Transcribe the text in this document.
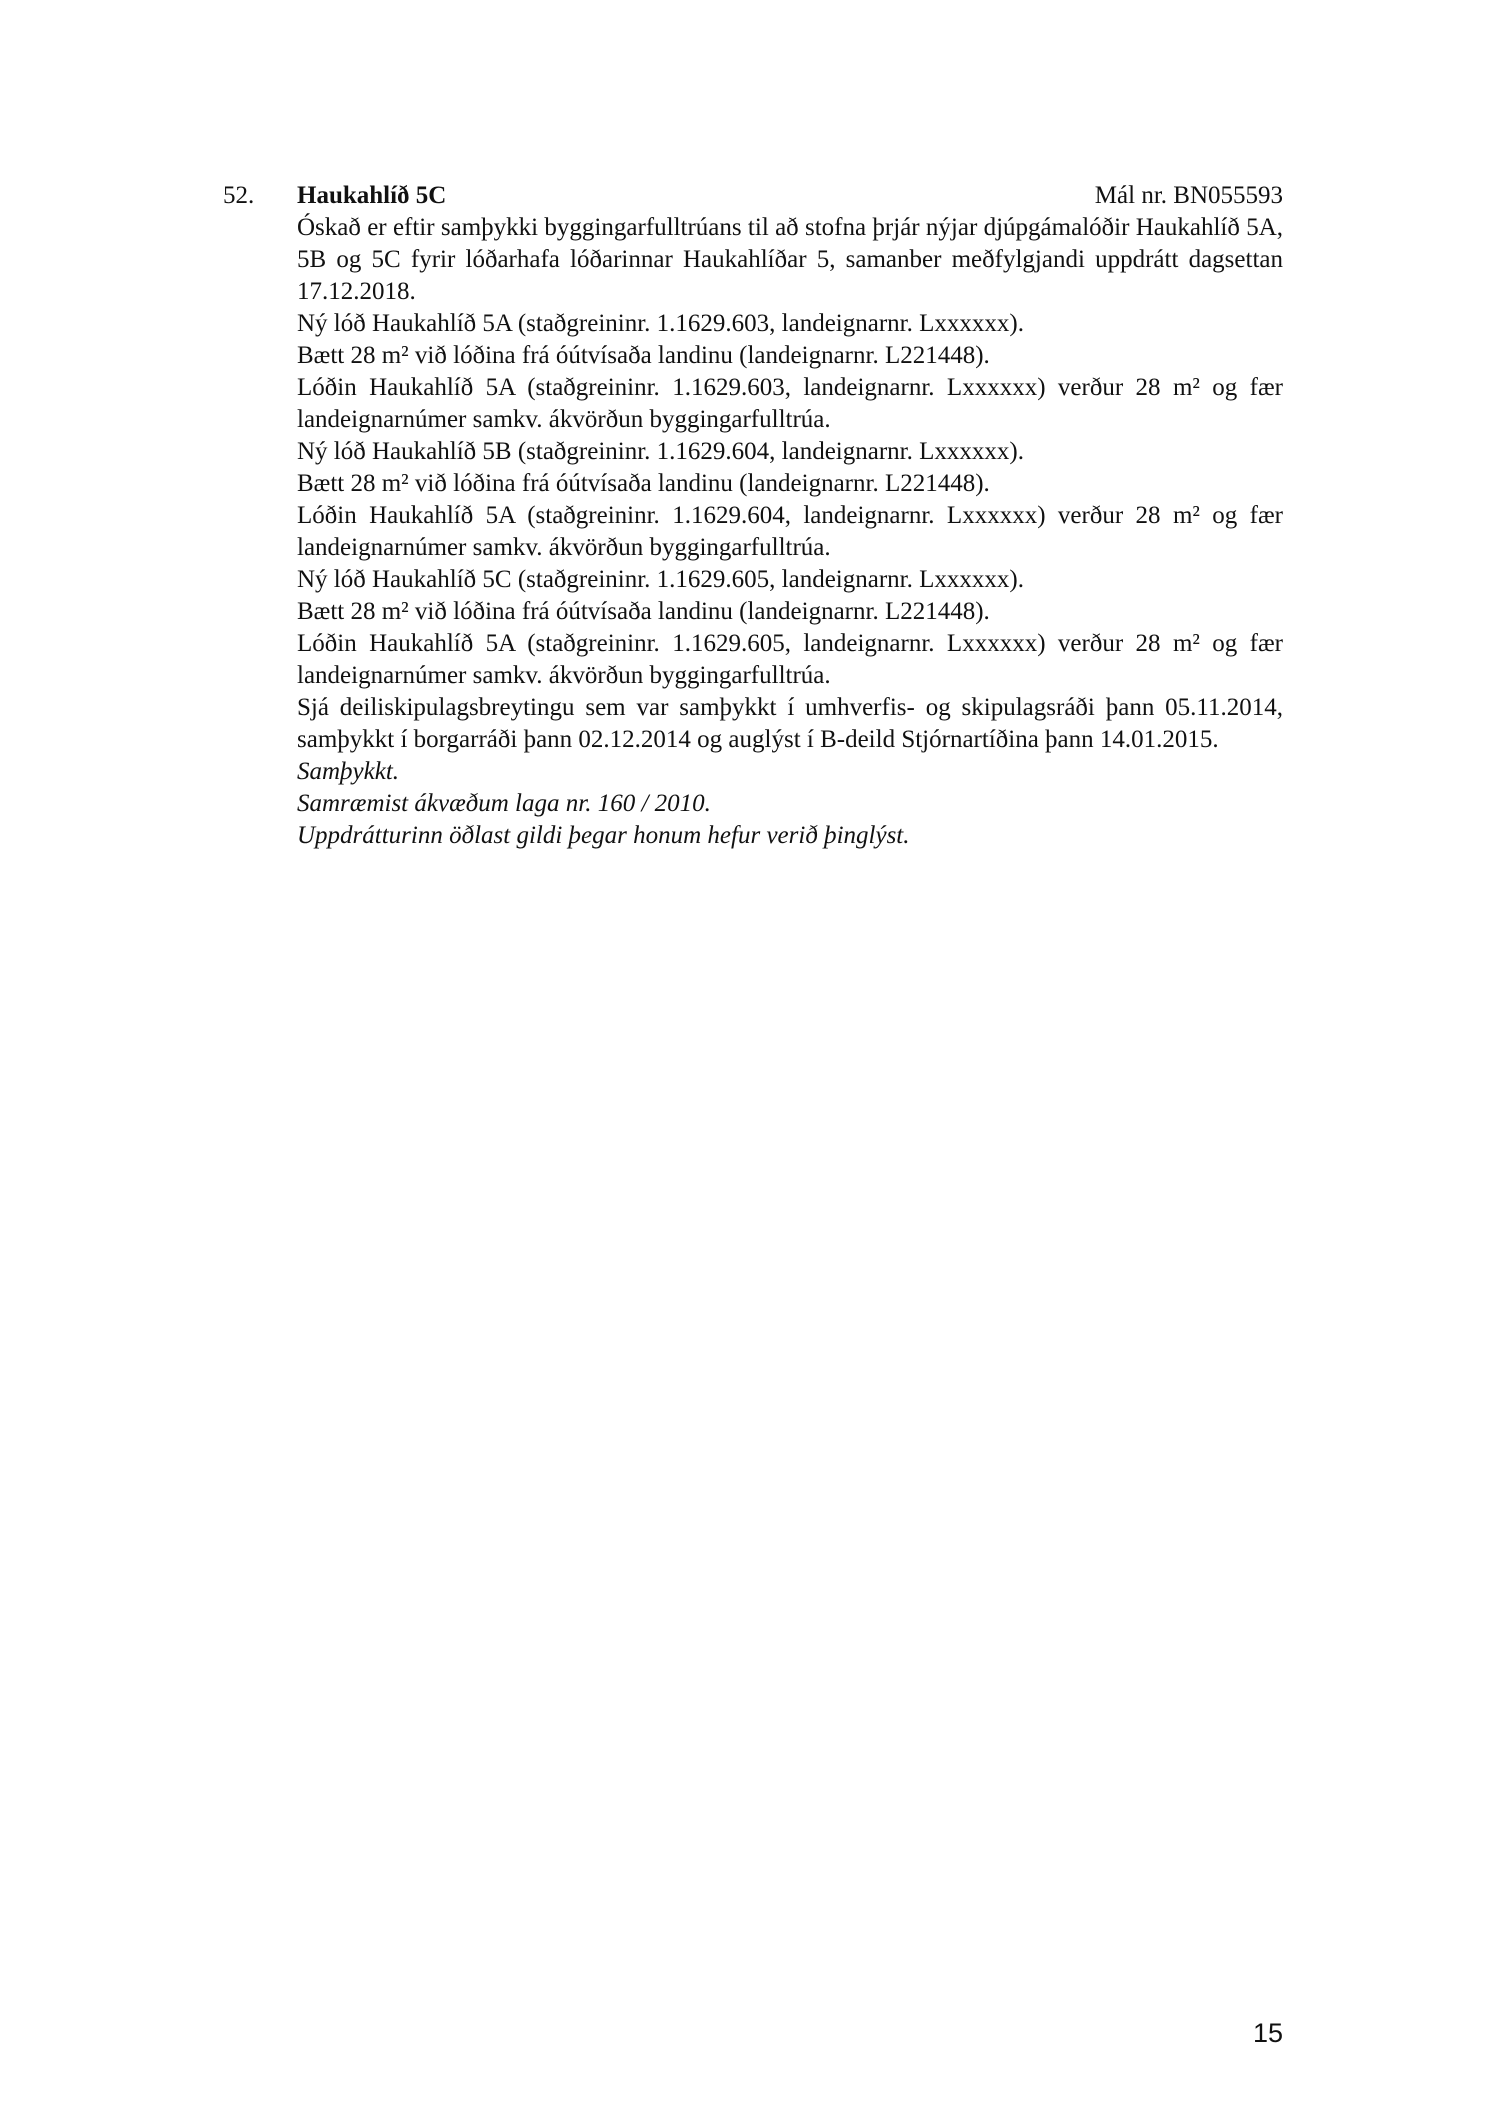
52. Haukahlíð 5C	Mál nr. BN055593

Óskað er eftir samþykki byggingarfulltrúans til að stofna þrjár nýjar djúpgámalóðir Haukahlíð 5A, 5B og 5C fyrir lóðarhafa lóðarinnar Haukahlíðar 5, samanber meðfylgjandi uppdrátt dagsettan 17.12.2018.

Ný lóð Haukahlíð 5A (staðgreininr. 1.1629.603, landeignarnr. Lxxxxxx).

Bætt 28 m² við lóðina frá óútvísaða landinu (landeignarnr. L221448).

Lóðin Haukahlíð 5A (staðgreininr. 1.1629.603, landeignarnr. Lxxxxxx) verður 28 m² og fær landeignarnúmer samkv. ákvörðun byggingarfulltrúa.

Ný lóð Haukahlíð 5B (staðgreininr. 1.1629.604, landeignarnr. Lxxxxxx).

Bætt 28 m² við lóðina frá óútvísaða landinu (landeignarnr. L221448).

Lóðin Haukahlíð 5A (staðgreininr. 1.1629.604, landeignarnr. Lxxxxxx) verður 28 m² og fær landeignarnúmer samkv. ákvörðun byggingarfulltrúa.

Ný lóð Haukahlíð 5C (staðgreininr. 1.1629.605, landeignarnr. Lxxxxxx).

Bætt 28 m² við lóðina frá óútvísaða landinu (landeignarnr. L221448).

Lóðin Haukahlíð 5A (staðgreininr. 1.1629.605, landeignarnr. Lxxxxxx) verður 28 m² og fær landeignarnúmer samkv. ákvörðun byggingarfulltrúa.

Sjá deiliskipulagsbreytingu sem var samþykkt í umhverfis- og skipulagsráði þann 05.11.2014, samþykkt í borgarráði þann 02.12.2014 og auglýst í B-deild Stjórnartíðina þann 14.01.2015.

Samþykkt.

Samræmist ákvæðum laga nr. 160 / 2010.

Uppdrátturinn öðlast gildi þegar honum hefur verið þinglýst.

15
